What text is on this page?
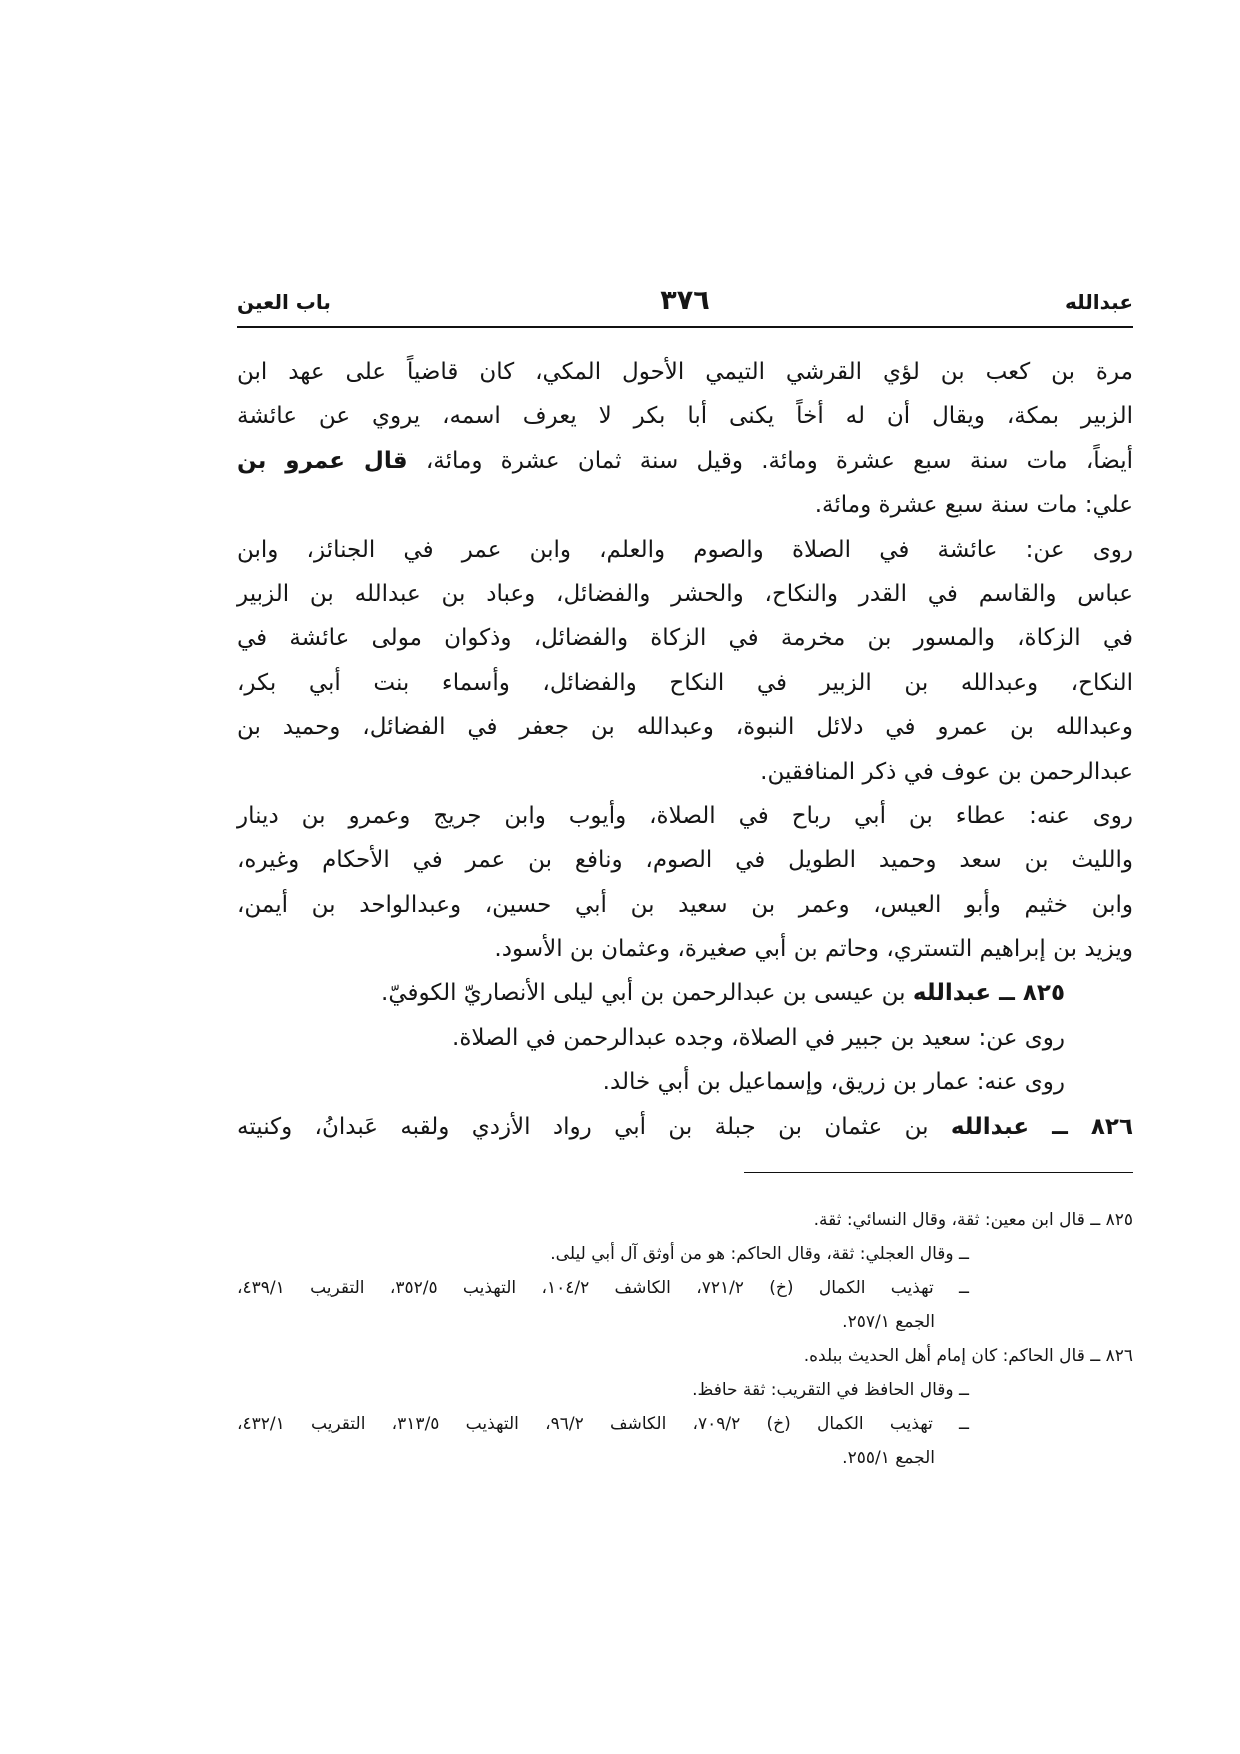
عبدالله
٣٧٦
باب العين
مرة بن كعب بن لؤي القرشي التيمي الأحول المكي، كان قاضياً على عهد ابن
الزبير بمكة، ويقال أن له أخاً يكنى أبا بكر لا يعرف اسمه، يروي عن عائشة
أيضاً، مات سنة سبع عشرة ومائة. وقيل سنة ثمان عشرة ومائة، قال عمرو بن
علي: مات سنة سبع عشرة ومائة.
روى عن: عائشة في الصلاة والصوم والعلم، وابن عمر في الجنائز، وابن
عباس والقاسم في القدر والنكاح، والحشر والفضائل، وعباد بن عبدالله بن الزبير
في الزكاة، والمسور بن مخرمة في الزكاة والفضائل، وذكوان مولى عائشة في
النكاح، وعبدالله بن الزبير في النكاح والفضائل، وأسماء بنت أبي بكر،
وعبدالله بن عمرو في دلائل النبوة، وعبدالله بن جعفر في الفضائل، وحميد بن
عبدالرحمن بن عوف في ذكر المنافقين.
روى عنه: عطاء بن أبي رباح في الصلاة، وأيوب وابن جريج وعمرو بن دينار
والليث بن سعد وحميد الطويل في الصوم، ونافع بن عمر في الأحكام وغيره،
وابن خثيم وأبو العيس، وعمر بن سعيد بن أبي حسين، وعبدالواحد بن أيمن،
ويزيد بن إبراهيم التستري، وحاتم بن أبي صغيرة، وعثمان بن الأسود.
٨٢٥ ــ عبدالله بن عيسى بن عبدالرحمن بن أبي ليلى الأنصاريّ الكوفيّ.
روى عن: سعيد بن جبير في الصلاة، وجده عبدالرحمن في الصلاة.
روى عنه: عمار بن زريق، وإسماعيل بن أبي خالد.
٨٢٦ ــ عبدالله بن عثمان بن جبلة بن أبي رواد الأزدي ولقبه عَبدانُ، وكنيته
٨٢٥ ــ قال ابن معين: ثقة، وقال النسائي: ثقة.
ــ وقال العجلي: ثقة، وقال الحاكم: هو من أوثق آل أبي ليلى.
ــ تهذيب الكمال (خ) ٧٢١/٢، الكاشف ١٠٤/٢، التهذيب ٣٥٢/٥، التقريب ٤٣٩/١،
الجمع ٢٥٧/١.
٨٢٦ ــ قال الحاكم: كان إمام أهل الحديث ببلده.
ــ وقال الحافظ في التقريب: ثقة حافظ.
ــ تهذيب الكمال (خ) ٧٠٩/٢، الكاشف ٩٦/٢، التهذيب ٣١٣/٥، التقريب ٤٣٢/١،
الجمع ٢٥٥/١.
